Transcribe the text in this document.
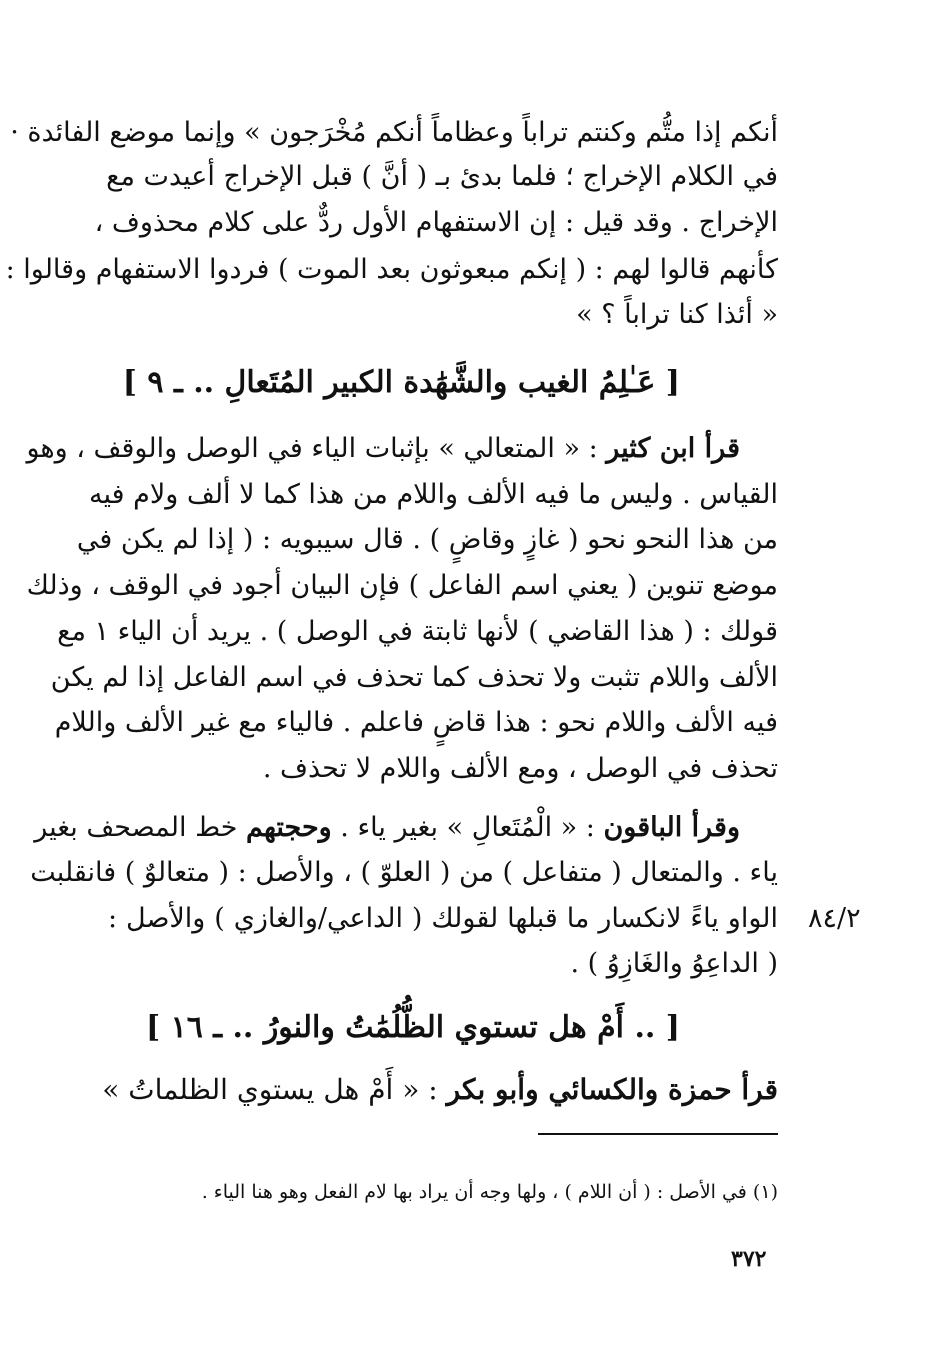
أنكم إذا متُّم وكنتم تراباً وعظاماً أنكم مُخْرَجون » وإنما موضع الفائدة ·
في الكلام الإخراج ؛ فلما بدئ بـ ( أنَّ ) قبل الإخراج أعيدت مع
الإخراج . وقد قيل : إن الاستفهام الأول ردٌّ على كلام محذوف ،
كأنهم قالوا لهم : ( إنكم مبعوثون بعد الموت ) فردوا الاستفهام وقالوا :
« أئذا كنا تراباً ؟ »
[ عَـٰلِمُ الغيب والشَّهَٰدة الكبير المُتَعالِ .. ـ ٩ ]
قرأ ابن كثير : « المتعالي » بإثبات الياء في الوصل والوقف ، وهو
القياس . وليس ما فيه الألف واللام من هذا كما لا ألف ولام فيه
من هذا النحو نحو ( غازٍ وقاضٍ ) . قال سيبويه : ( إذا لم يكن في
موضع تنوين ( يعني اسم الفاعل ) فإن البيان أجود في الوقف ، وذلك
قولك : ( هذا القاضي ) لأنها ثابتة في الوصل ) . يريد أن الياء ١ مع
الألف واللام تثبت ولا تحذف كما تحذف في اسم الفاعل إذا لم يكن
فيه الألف واللام نحو : هذا قاضٍ فاعلم . فالياء مع غير الألف واللام
تحذف في الوصل ، ومع الألف واللام لا تحذف .
وقرأ الباقون : « الْمُتَعالِ » بغير ياء . وحجتهم خط المصحف بغير
ياء . والمتعال ( متفاعل ) من ( العلوّ ) ، والأصل : ( متعالوٌ ) فانقلبت
الواو ياءً لانكسار ما قبلها لقولك ( الداعي/والغازي ) والأصل :
( الداعِوُ والغَازِوُ ) .
٨٤/٢
[ .. أَمْ هل تستوي الظُّلُمَٰتُ والنورُ .. ـ ١٦ ]
قرأ حمزة والكسائي وأبو بكر : « أَمْ هل يستوي الظلماتُ »
(١) في الأصل : ( أن اللام ) ، ولها وجه أن يراد بها لام الفعل وهو هنا الياء .
٣٧٢
